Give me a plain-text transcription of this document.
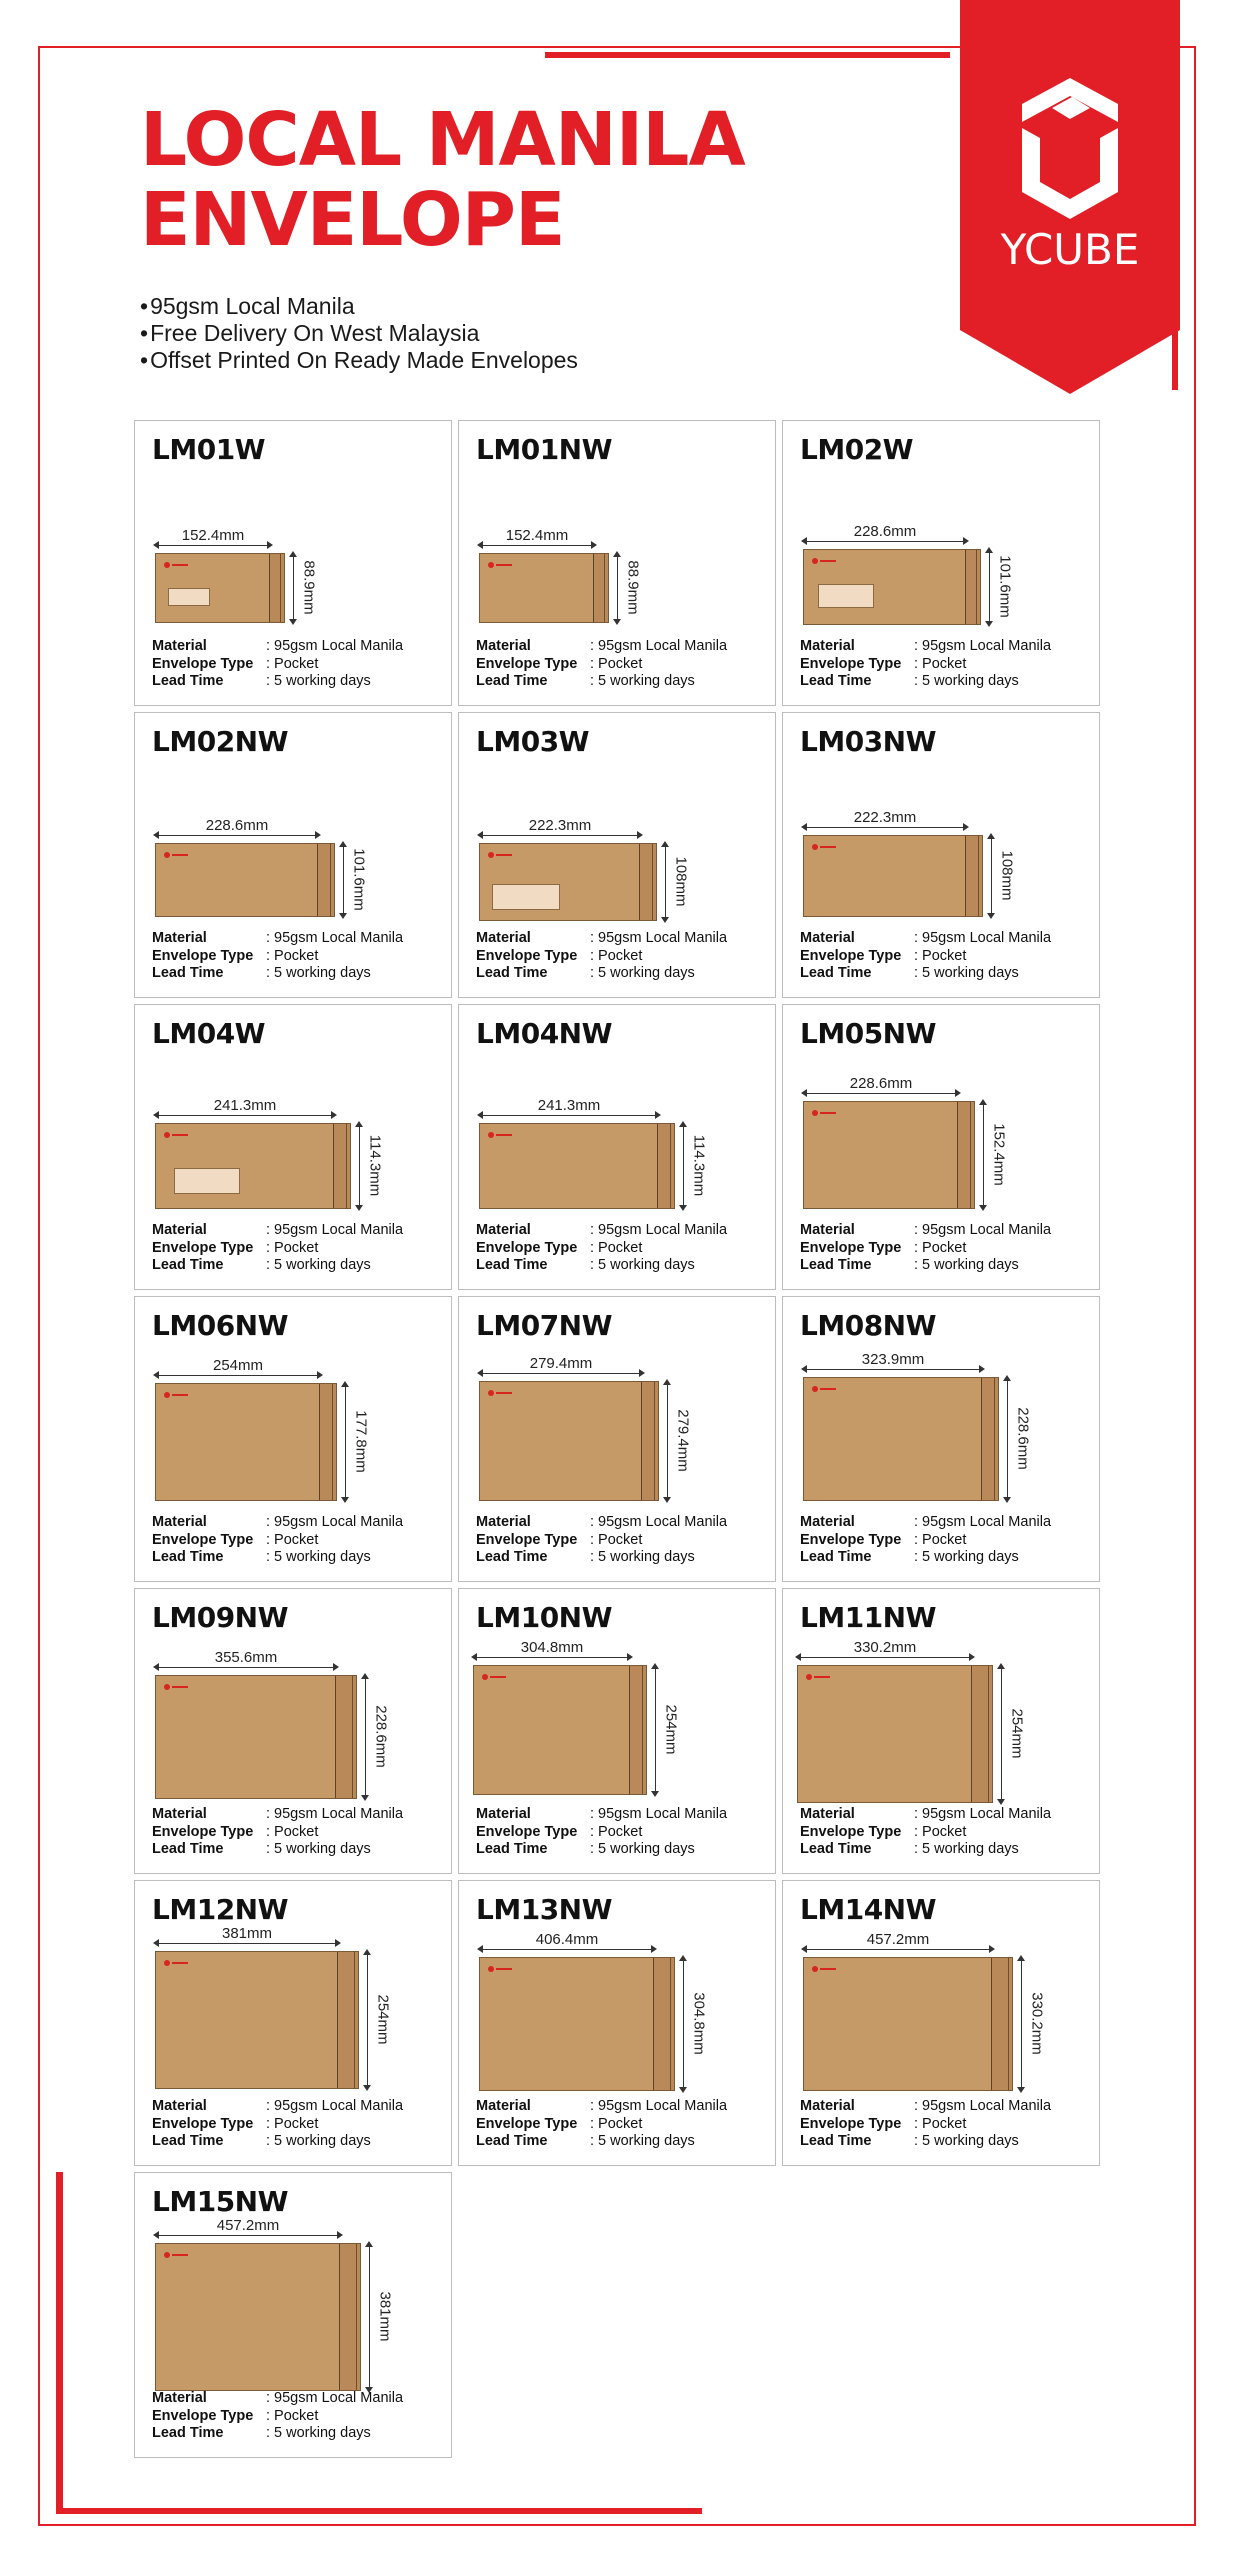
YCUBE
LOCAL MANILA
ENVELOPE
• 95gsm Local Manila
• Free Delivery On West Malaysia
• Offset Printed On Ready Made Envelopes
LM01W
152.4mm
88.9mm
Material	: 95gsm Local Manila
Envelope Type : Pocket
Lead Time	: 5 working days
LM01NW
152.4mm
88.9mm
Material	: 95gsm Local Manila
Envelope Type : Pocket
Lead Time	: 5 working days
LM02W
228.6mm
101.6mm
Material	: 95gsm Local Manila
Envelope Type : Pocket
Lead Time	: 5 working days
LM02NW
228.6mm
101.6mm
Material	: 95gsm Local Manila
Envelope Type : Pocket
Lead Time	: 5 working days
LM03W
222.3mm
108mm
Material	: 95gsm Local Manila
Envelope Type : Pocket
Lead Time	: 5 working days
LM03NW
222.3mm
108mm
Material	: 95gsm Local Manila
Envelope Type : Pocket
Lead Time	: 5 working days
LM04W
241.3mm
114.3mm
Material	: 95gsm Local Manila
Envelope Type : Pocket
Lead Time	: 5 working days
LM04NW
241.3mm
114.3mm
Material	: 95gsm Local Manila
Envelope Type : Pocket
Lead Time	: 5 working days
LM05NW
228.6mm
152.4mm
Material	: 95gsm Local Manila
Envelope Type : Pocket
Lead Time	: 5 working days
LM06NW
254mm
177.8mm
Material	: 95gsm Local Manila
Envelope Type : Pocket
Lead Time	: 5 working days
LM07NW
279.4mm
279.4mm
Material	: 95gsm Local Manila
Envelope Type : Pocket
Lead Time	: 5 working days
LM08NW
323.9mm
228.6mm
Material	: 95gsm Local Manila
Envelope Type : Pocket
Lead Time	: 5 working days
LM09NW
355.6mm
228.6mm
Material	: 95gsm Local Manila
Envelope Type : Pocket
Lead Time	: 5 working days
LM10NW
304.8mm
254mm
Material	: 95gsm Local Manila
Envelope Type : Pocket
Lead Time	: 5 working days
LM11NW
330.2mm
254mm
Material	: 95gsm Local Manila
Envelope Type : Pocket
Lead Time	: 5 working days
LM12NW
381mm
254mm
Material	: 95gsm Local Manila
Envelope Type : Pocket
Lead Time	: 5 working days
LM13NW
406.4mm
304.8mm
Material	: 95gsm Local Manila
Envelope Type : Pocket
Lead Time	: 5 working days
LM14NW
457.2mm
330.2mm
Material	: 95gsm Local Manila
Envelope Type : Pocket
Lead Time	: 5 working days
LM15NW
457.2mm
381mm
Material	: 95gsm Local Manila
Envelope Type : Pocket
Lead Time	: 5 working days
